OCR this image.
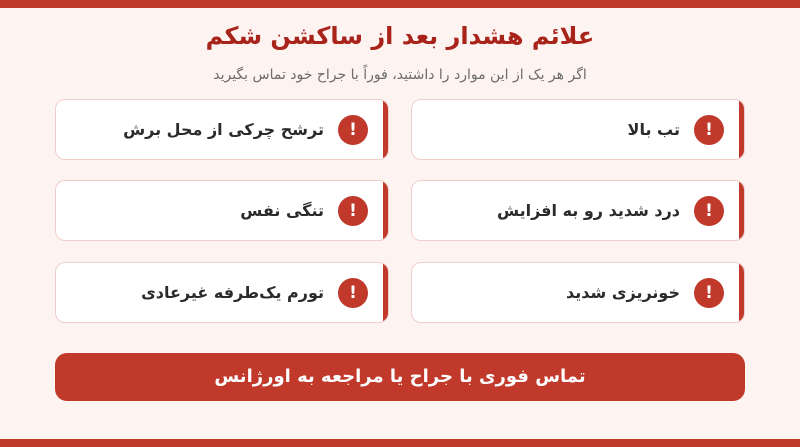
علائم هشدار بعد از ساکشن شکم

اگر هر یک از این موارد را داشتید، فوراً با جراح خود تماس بگیرید

!
تب بالا
!
ترشح چرکی از محل برش
!
درد شدید رو به افزایش
!
تنگی نفس
!
خونریزی شدید
!
تورم یک‌طرفه غیرعادی
تماس فوری با جراح یا مراجعه به اورژانس
